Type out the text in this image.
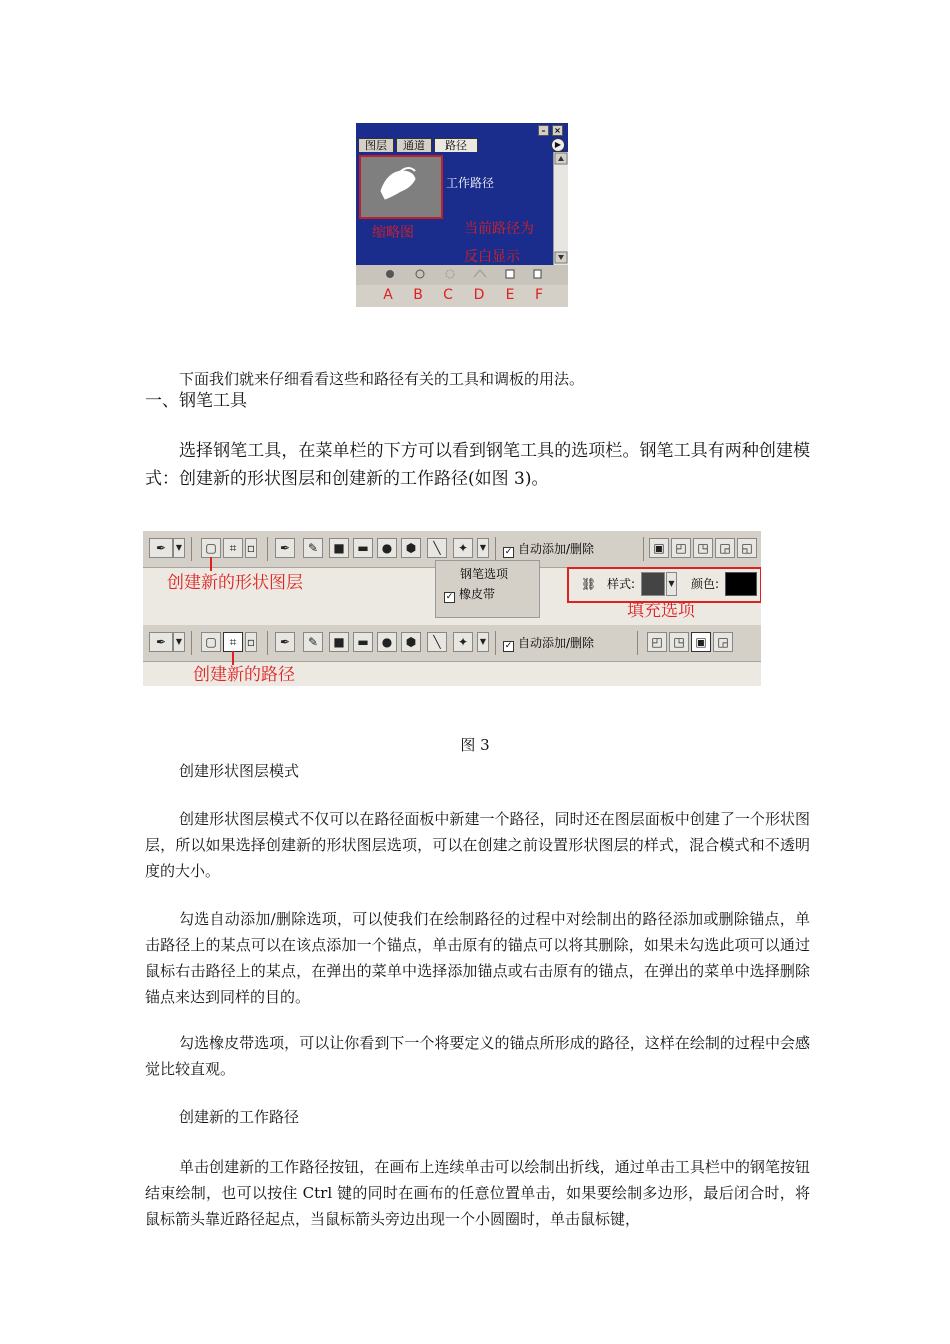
–	×
图层	通道	路径	▶
工作路径
缩略图	当前路径为
反白显示
A	B	C	D	E	F
下面我们就来仔细看看这些和路径有关的工具和调板的用法。
一、钢笔工具
选择钢笔工具，在菜单栏的下方可以看到钢笔工具的选项栏。钢笔工具有两种创建模式：创建新的形状图层和创建新的工作路径(如图 3)。
✒	▼	▢	⌗ ▫	✒	✎	■	▬	●	⬢	╲	✦	▼	✓ 自动添加/删除	▣ ◰ ◳ ◲ ◱
创建新的形状图层	钢笔选项
✓ 橡皮带
⛓ 样式:	▼ 颜色:
填充选项
✒	▼	▢	⌗ ▫	✒	✎	■	▬	●	⬢	╲	✦	▼	✓ 自动添加/删除	◰ ◳ ▣ ◲
创建新的路径
图 3
创建形状图层模式
创建形状图层模式不仅可以在路径面板中新建一个路径，同时还在图层面板中创建了一个形状图层，所以如果选择创建新的形状图层选项，可以在创建之前设置形状图层的样式，混合模式和不透明度的大小。
勾选自动添加/删除选项，可以使我们在绘制路径的过程中对绘制出的路径添加或删除锚点，单击路径上的某点可以在该点添加一个锚点，单击原有的锚点可以将其删除，如果未勾选此项可以通过鼠标右击路径上的某点，在弹出的菜单中选择添加锚点或右击原有的锚点，在弹出的菜单中选择删除锚点来达到同样的目的。
勾选橡皮带选项，可以让你看到下一个将要定义的锚点所形成的路径，这样在绘制的过程中会感觉比较直观。
创建新的工作路径
单击创建新的工作路径按钮，在画布上连续单击可以绘制出折线，通过单击工具栏中的钢笔按钮结束绘制，也可以按住 Ctrl 键的同时在画布的任意位置单击，如果要绘制多边形，最后闭合时，将鼠标箭头靠近路径起点，当鼠标箭头旁边出现一个小圆圈时，单击鼠标键，
